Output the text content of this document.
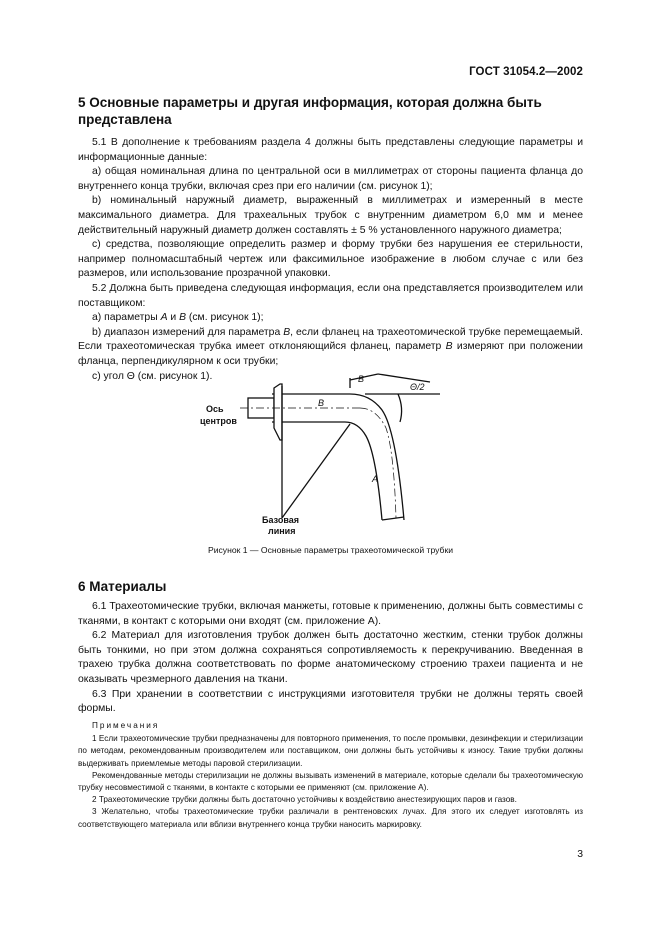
ГОСТ 31054.2—2002
5 Основные параметры и другая информация, которая должна быть представлена

5.1 В дополнение к требованиям раздела 4 должны быть представлены следующие параметры и информационные данные:

а) общая номинальная длина по центральной оси в миллиметрах от стороны пациента фланца до внутреннего конца трубки, включая срез при его наличии (см. рисунок 1);

b) номинальный наружный диаметр, выраженный в миллиметрах и измеренный в месте максимального диаметра. Для трахеальных трубок с внутренним диаметром 6,0 мм и менее действительный наружный диаметр должен составлять ± 5 % установленного наружного диаметра;

с) средства, позволяющие определить размер и форму трубки без нарушения ее стерильности, например полномасштабный чертеж или факсимильное изображение в любом случае с или без размеров, или использование прозрачной упаковки.

5.2 Должна быть приведена следующая информация, если она представляется производителем или поставщиком:

а) параметры A и B (см. рисунок 1);

b) диапазон измерений для параметра B, если фланец на трахеотомической трубке перемещаемый. Если трахеотомическая трубка имеет отклоняющийся фланец, параметр B измеряют при положении фланца, перпендикулярном к оси трубки;

с) угол Θ (см. рисунок 1).

Ось
центров
Базовая
линия
B
B
A
Θ/2
Рисунок 1 — Основные параметры трахеотомической трубки
6 Материалы

6.1 Трахеотомические трубки, включая манжеты, готовые к применению, должны быть совместимы с тканями, в контакт с которыми они входят (см. приложение А).

6.2 Материал для изготовления трубок должен быть достаточно жестким, стенки трубок должны быть тонкими, но при этом должна сохраняться сопротивляемость к перекручиванию. Введенная в трахею трубка должна соответствовать по форме анатомическому строению трахеи пациента и не оказывать чрезмерного давления на ткани.

6.3 При хранении в соответствии с инструкциями изготовителя трубки не должны терять своей формы.

Примечания

1 Если трахеотомические трубки предназначены для повторного применения, то после промывки, дезинфекции и стерилизации по методам, рекомендованным производителем или поставщиком, они должны быть устойчивы к износу. Такие трубки должны выдерживать приемлемые методы паровой стерилизации.

Рекомендованные методы стерилизации не должны вызывать изменений в материале, которые сделали бы трахеотомическую трубку несовместимой с тканями, в контакте с которыми ее применяют (см. приложение А).

2 Трахеотомические трубки должны быть достаточно устойчивы к воздействию анестезирующих паров и газов.

3 Желательно, чтобы трахеотомические трубки различали в рентгеновских лучах. Для этого их следует изготовлять из соответствующего материала или вблизи внутреннего конца трубки наносить маркировку.

3
